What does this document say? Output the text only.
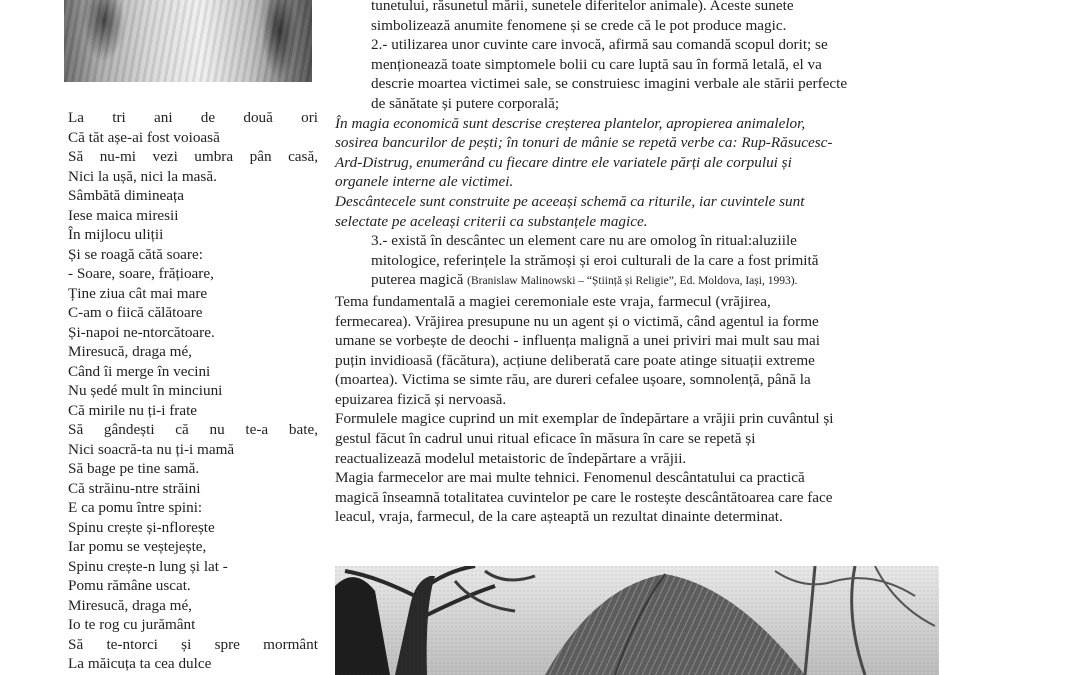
La tri ani de două ori
Că tăt așe-ai fost voioasă
Să nu-mi vezi umbra pân casă,
Nici la ușă, nici la masă.
Sâmbătă dimineața
Iese maica miresii
În mijlocu uliții
Și se roagă cătă soare:
- Soare, soare, frățioare,
Ține ziua cât mai mare
C-am o fiică călătoare
Și-napoi ne-ntorcătoare.
Miresucă, draga mé,
Când îi merge în vecini
Nu ședé mult în minciuni
Că mirile nu ți-i frate
Să gândești că nu te-a bate,
Nici soacră-ta nu ți-i mamă
Să bage pe tine samă.
Că străinu-ntre străini
E ca pomu între spini:
Spinu crește și-nflorește
Iar pomu se veștejește,
Spinu crește-n lung și lat -
Pomu rămâne uscat.
Miresucă, draga mé,
Io te rog cu jurământ
Să te-ntorci și spre mormânt
La măicuța ta cea dulce

tunetului, răsunetul mării, sunetele diferitelor animale). Aceste sunete

simbolizează anumite fenomene și se crede că le pot produce magic.

2.- utilizarea unor cuvinte care invocă, afirmă sau comandă scopul dorit; se

menționează toate simptomele bolii cu care luptă sau în formă letală, el va

descrie moartea victimei sale, se construiesc imagini verbale ale stării perfecte

de sănătate și putere corporală;

În magia economică sunt descrise creșterea plantelor, apropierea animalelor,

sosirea bancurilor de pești; în tonuri de mânie se repetă verbe ca: Rup-Răsucesc-

Ard-Distrug, enumerând cu fiecare dintre ele variatele părți ale corpului și

organele interne ale victimei.

Descântecele sunt construite pe aceeași schemă ca riturile, iar cuvintele sunt

selectate pe aceleași criterii ca substanțele magice.

3.- există în descântec un element care nu are omolog în ritual:aluziile

mitologice, referințele la strămoși și eroi culturali de la care a fost primită

puterea magică (Branislaw Malinowski – “Știință și Religie”, Ed. Moldova, Iași, 1993).

Tema fundamentală a magiei ceremoniale este vraja, farmecul (vrăjirea,

fermecarea). Vrăjirea presupune nu un agent și o victimă, când agentul ia forme

umane se vorbește de deochi - influența malignă a unei priviri mai mult sau mai

puțin invidioasă (făcătura), acțiune deliberată care poate atinge situații extreme

(moartea). Victima se simte rău, are dureri cefalee ușoare, somnolență, până la

epuizarea fizică și nervoasă.

Formulele magice cuprind un mit exemplar de îndepărtare a vrăjii prin cuvântul și

gestul făcut în cadrul unui ritual eficace în măsura în care se repetă și

reactualizează modelul metaistoric de îndepărtare a vrăjii.

Magia farmecelor are mai multe tehnici. Fenomenul descântatului ca practică

magică înseamnă totalitatea cuvintelor pe care le rostește descântătoarea care face

leacul, vraja, farmecul, de la care așteaptă un rezultat dinainte determinat.
